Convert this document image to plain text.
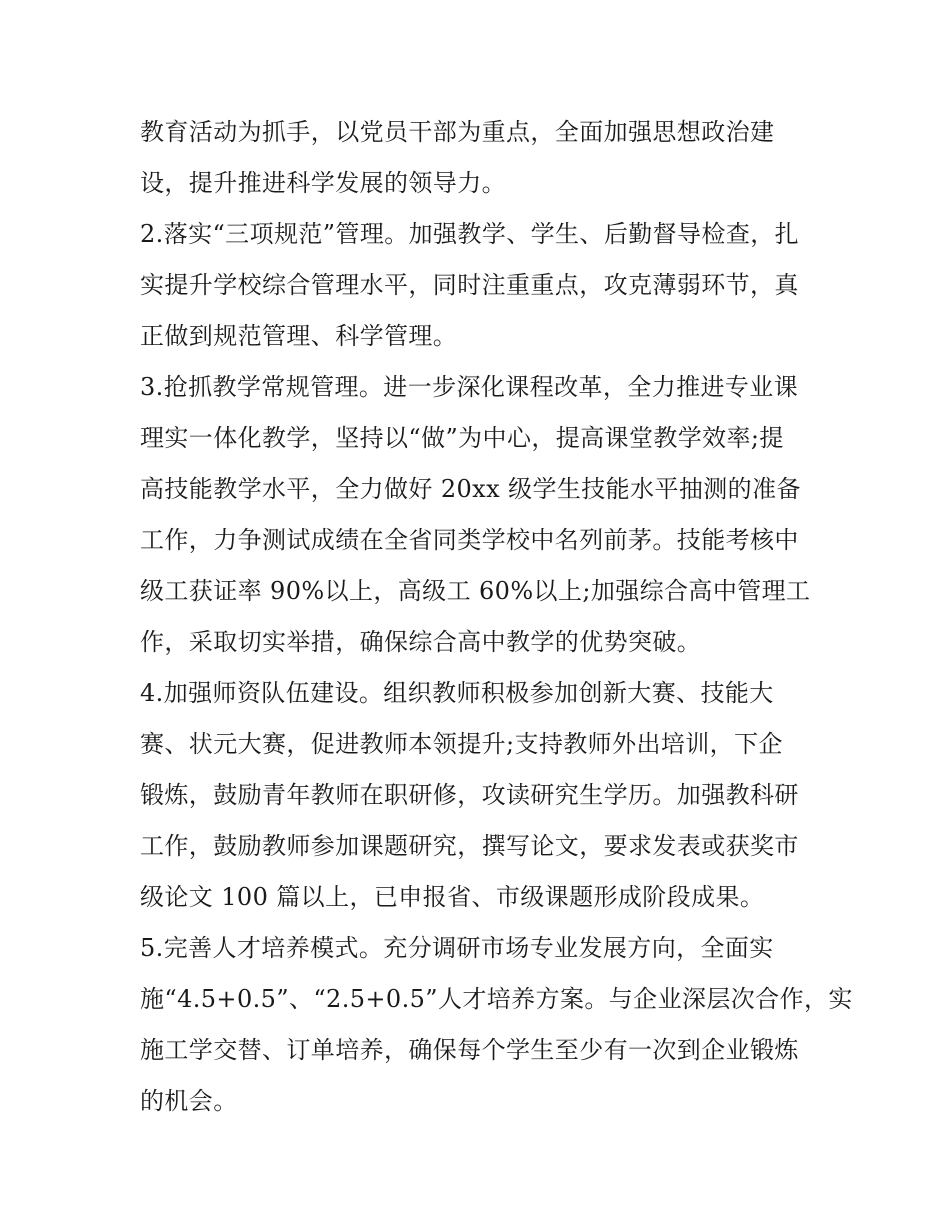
教育活动为抓手，以党员干部为重点，全面加强思想政治建
设，提升推进科学发展的领导力。
2.落实“三项规范”管理。加强教学、学生、后勤督导检查，扎
实提升学校综合管理水平，同时注重重点，攻克薄弱环节，真
正做到规范管理、科学管理。
3.抢抓教学常规管理。进一步深化课程改革，全力推进专业课
理实一体化教学，坚持以“做”为中心，提高课堂教学效率;提
高技能教学水平，全力做好 20xx 级学生技能水平抽测的准备
工作，力争测试成绩在全省同类学校中名列前茅。技能考核中
级工获证率 90%以上，高级工 60%以上;加强综合高中管理工
作，采取切实举措，确保综合高中教学的优势突破。
4.加强师资队伍建设。组织教师积极参加创新大赛、技能大
赛、状元大赛，促进教师本领提升;支持教师外出培训，下企
锻炼，鼓励青年教师在职研修，攻读研究生学历。加强教科研
工作，鼓励教师参加课题研究，撰写论文，要求发表或获奖市
级论文 100 篇以上，已申报省、市级课题形成阶段成果。
5.完善人才培养模式。充分调研市场专业发展方向，全面实
施“4.5+0.5”、“2.5+0.5”人才培养方案。与企业深层次合作，实
施工学交替、订单培养，确保每个学生至少有一次到企业锻炼
的机会。
